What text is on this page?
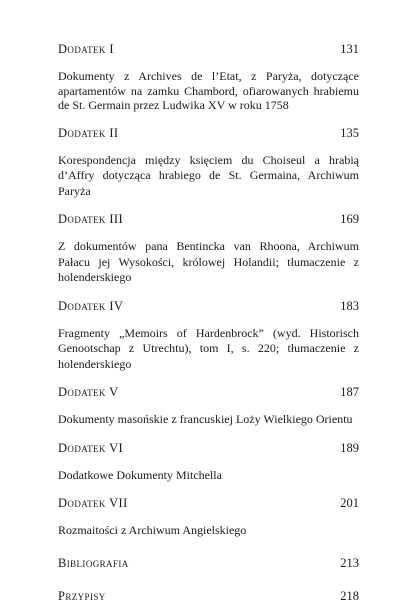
Dodatek I	131
Dokumenty z Archives de l’Etat, z Paryża, dotyczące apartamentów na zamku Chambord, ofiarowanych hrabiemu de St. Germain przez Ludwika XV w roku 1758
Dodatek II	135
Korespondencja między księciem du Choiseul a hrabią d’Affry dotycząca hrabiego de St. Germaina, Archiwum Paryża
Dodatek III	169
Z dokumentów pana Bentincka van Rhoona, Archiwum Pałacu jej Wysokości, królowej Holandii; tłumaczenie z holenderskiego
Dodatek IV	183
Fragmenty „Memoirs of Hardenbrock” (wyd. Historisch Genootschap z Utrechtu), tom I, s. 220; tłumaczenie z holenderskiego
Dodatek V	187
Dokumenty masońskie z francuskiej Loży Wielkiego Orientu
Dodatek VI	189
Dodatkowe Dokumenty Mitchella
Dodatek VII	201
Rozmaitości z Archiwum Angielskiego
Bibliografia	213
Przypisy	218
